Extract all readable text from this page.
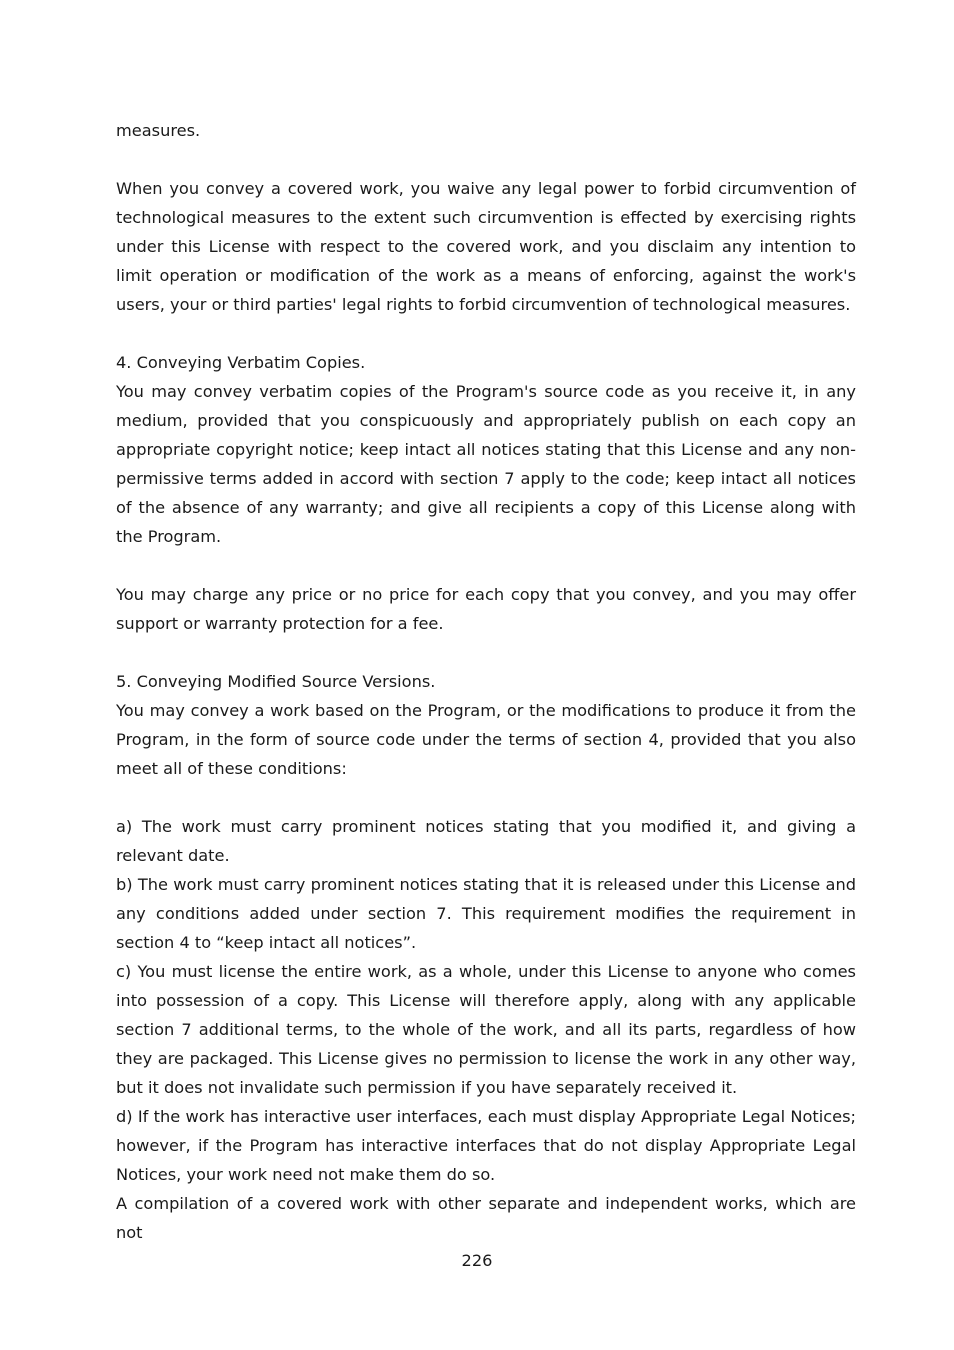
measures.

When you convey a covered work, you waive any legal power to forbid circumvention of technological measures to the extent such circumvention is effected by exercising rights under this License with respect to the covered work, and you disclaim any intention to limit operation or modification of the work as a means of enforcing, against the work's users, your or third parties' legal rights to forbid circumvention of technological measures.

4. Conveying Verbatim Copies.

You may convey verbatim copies of the Program's source code as you receive it, in any medium, provided that you conspicuously and appropriately publish on each copy an appropriate copyright notice; keep intact all notices stating that this License and any non-permissive terms added in accord with section 7 apply to the code; keep intact all notices of the absence of any warranty; and give all recipients a copy of this License along with the Program.

You may charge any price or no price for each copy that you convey, and you may offer support or warranty protection for a fee.

5. Conveying Modified Source Versions.

You may convey a work based on the Program, or the modifications to produce it from the Program, in the form of source code under the terms of section 4, provided that you also meet all of these conditions:

a) The work must carry prominent notices stating that you modified it, and giving a relevant date.

b) The work must carry prominent notices stating that it is released under this License and any conditions added under section 7. This requirement modifies the requirement in section 4 to “keep intact all notices”.

c) You must license the entire work, as a whole, under this License to anyone who comes into possession of a copy. This License will therefore apply, along with any applicable section 7 additional terms, to the whole of the work, and all its parts, regardless of how they are packaged. This License gives no permission to license the work in any other way, but it does not invalidate such permission if you have separately received it.

d) If the work has interactive user interfaces, each must display Appropriate Legal Notices; however, if the Program has interactive interfaces that do not display Appropriate Legal Notices, your work need not make them do so.

A compilation of a covered work with other separate and independent works, which are not

226
